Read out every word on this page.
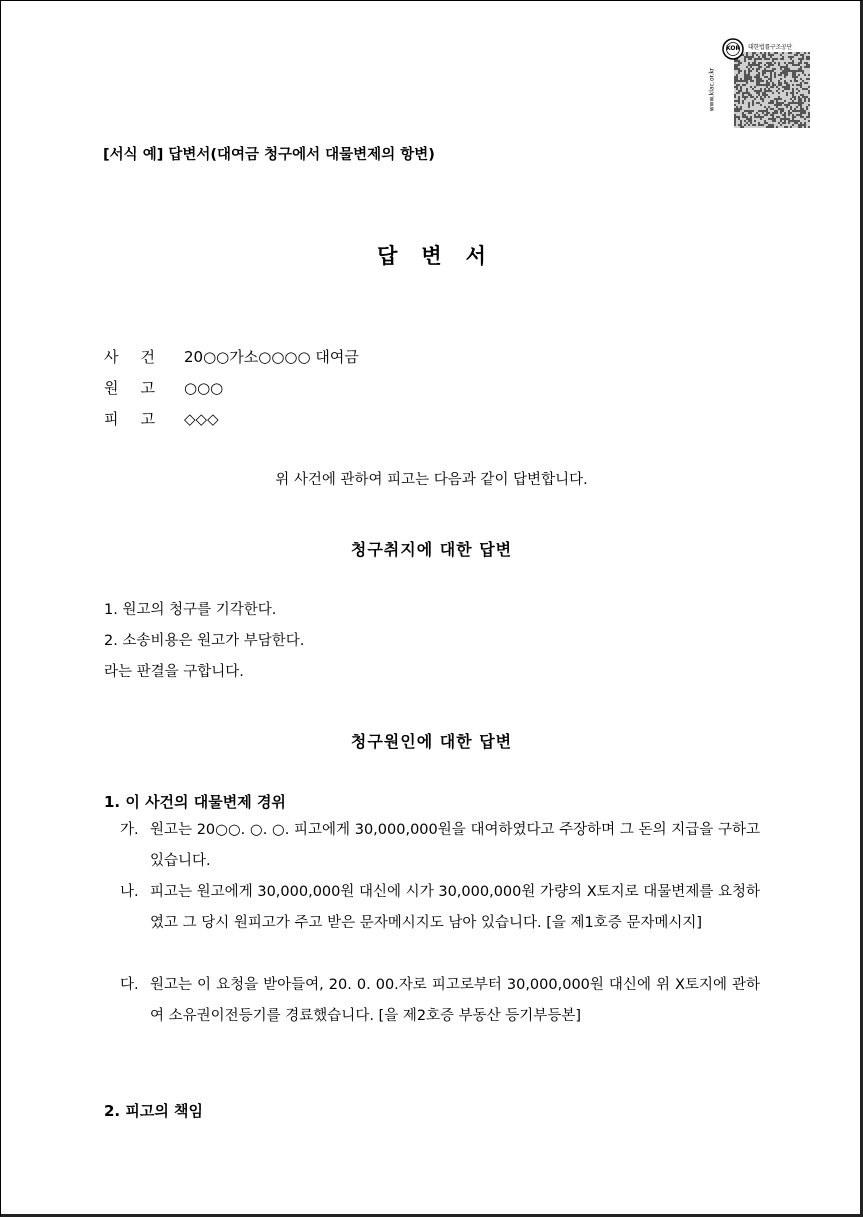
KOR 대한법률구조공단
www.klac.or.kr
[서식 예] 답변서(대여금 청구에서 대물변제의 항변)
답변서
사건 20○○가소○○○○ 대여금
원고 ○○○
피고 ◇◇◇
위 사건에 관하여 피고는 다음과 같이 답변합니다.
청구취지에 대한 답변
1. 원고의 청구를 기각한다.
2. 소송비용은 원고가 부담한다.
라는 판결을 구합니다.
청구원인에 대한 답변
1. 이 사건의 대물변제 경위
가. 원고는 20○○. ○. ○. 피고에게 30,000,000원을 대여하였다고 주장하며 그 돈의 지급을 구하고 있습니다.
나. 피고는 원고에게 30,000,000원 대신에 시가 30,000,000원 가량의 X토지로 대물변제를 요청하였고 그 당시 원피고가 주고 받은 문자메시지도 남아 있습니다. [을 제1호증 문자메시지]
다. 원고는 이 요청을 받아들여, 20. 0. 00.자로 피고로부터 30,000,000원 대신에 위 X토지에 관하여 소유권이전등기를 경료했습니다. [을 제2호증 부동산 등기부등본]
2. 피고의 책임
